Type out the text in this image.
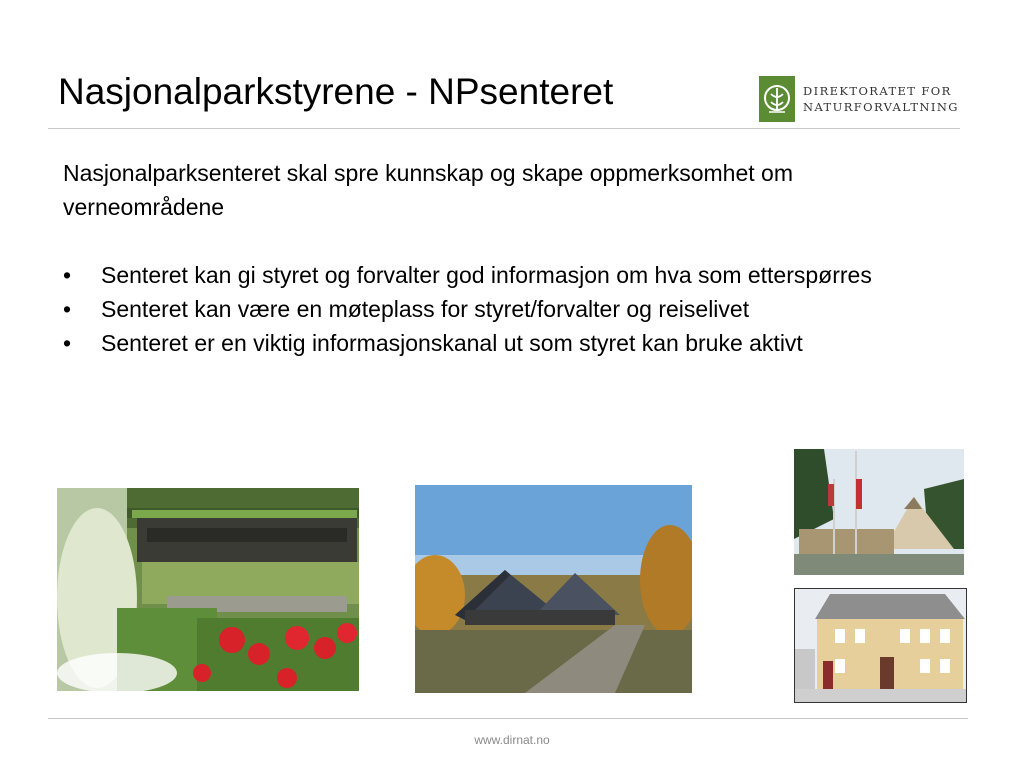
Nasjonalparkstyrene - NPsenteret	DIREKTORATET FOR
NATURFORVALTNING

Nasjonalparksenteret skal spre kunnskap og skape oppmerksomhet om verneområdene

• Senteret kan gi styret og forvalter god informasjon om hva som etterspørres
• Senteret kan være en møteplass for styret/forvalter og reiselivet
• Senteret er en viktig informasjonskanal ut som styret kan bruke aktivt
www.dirnat.no
